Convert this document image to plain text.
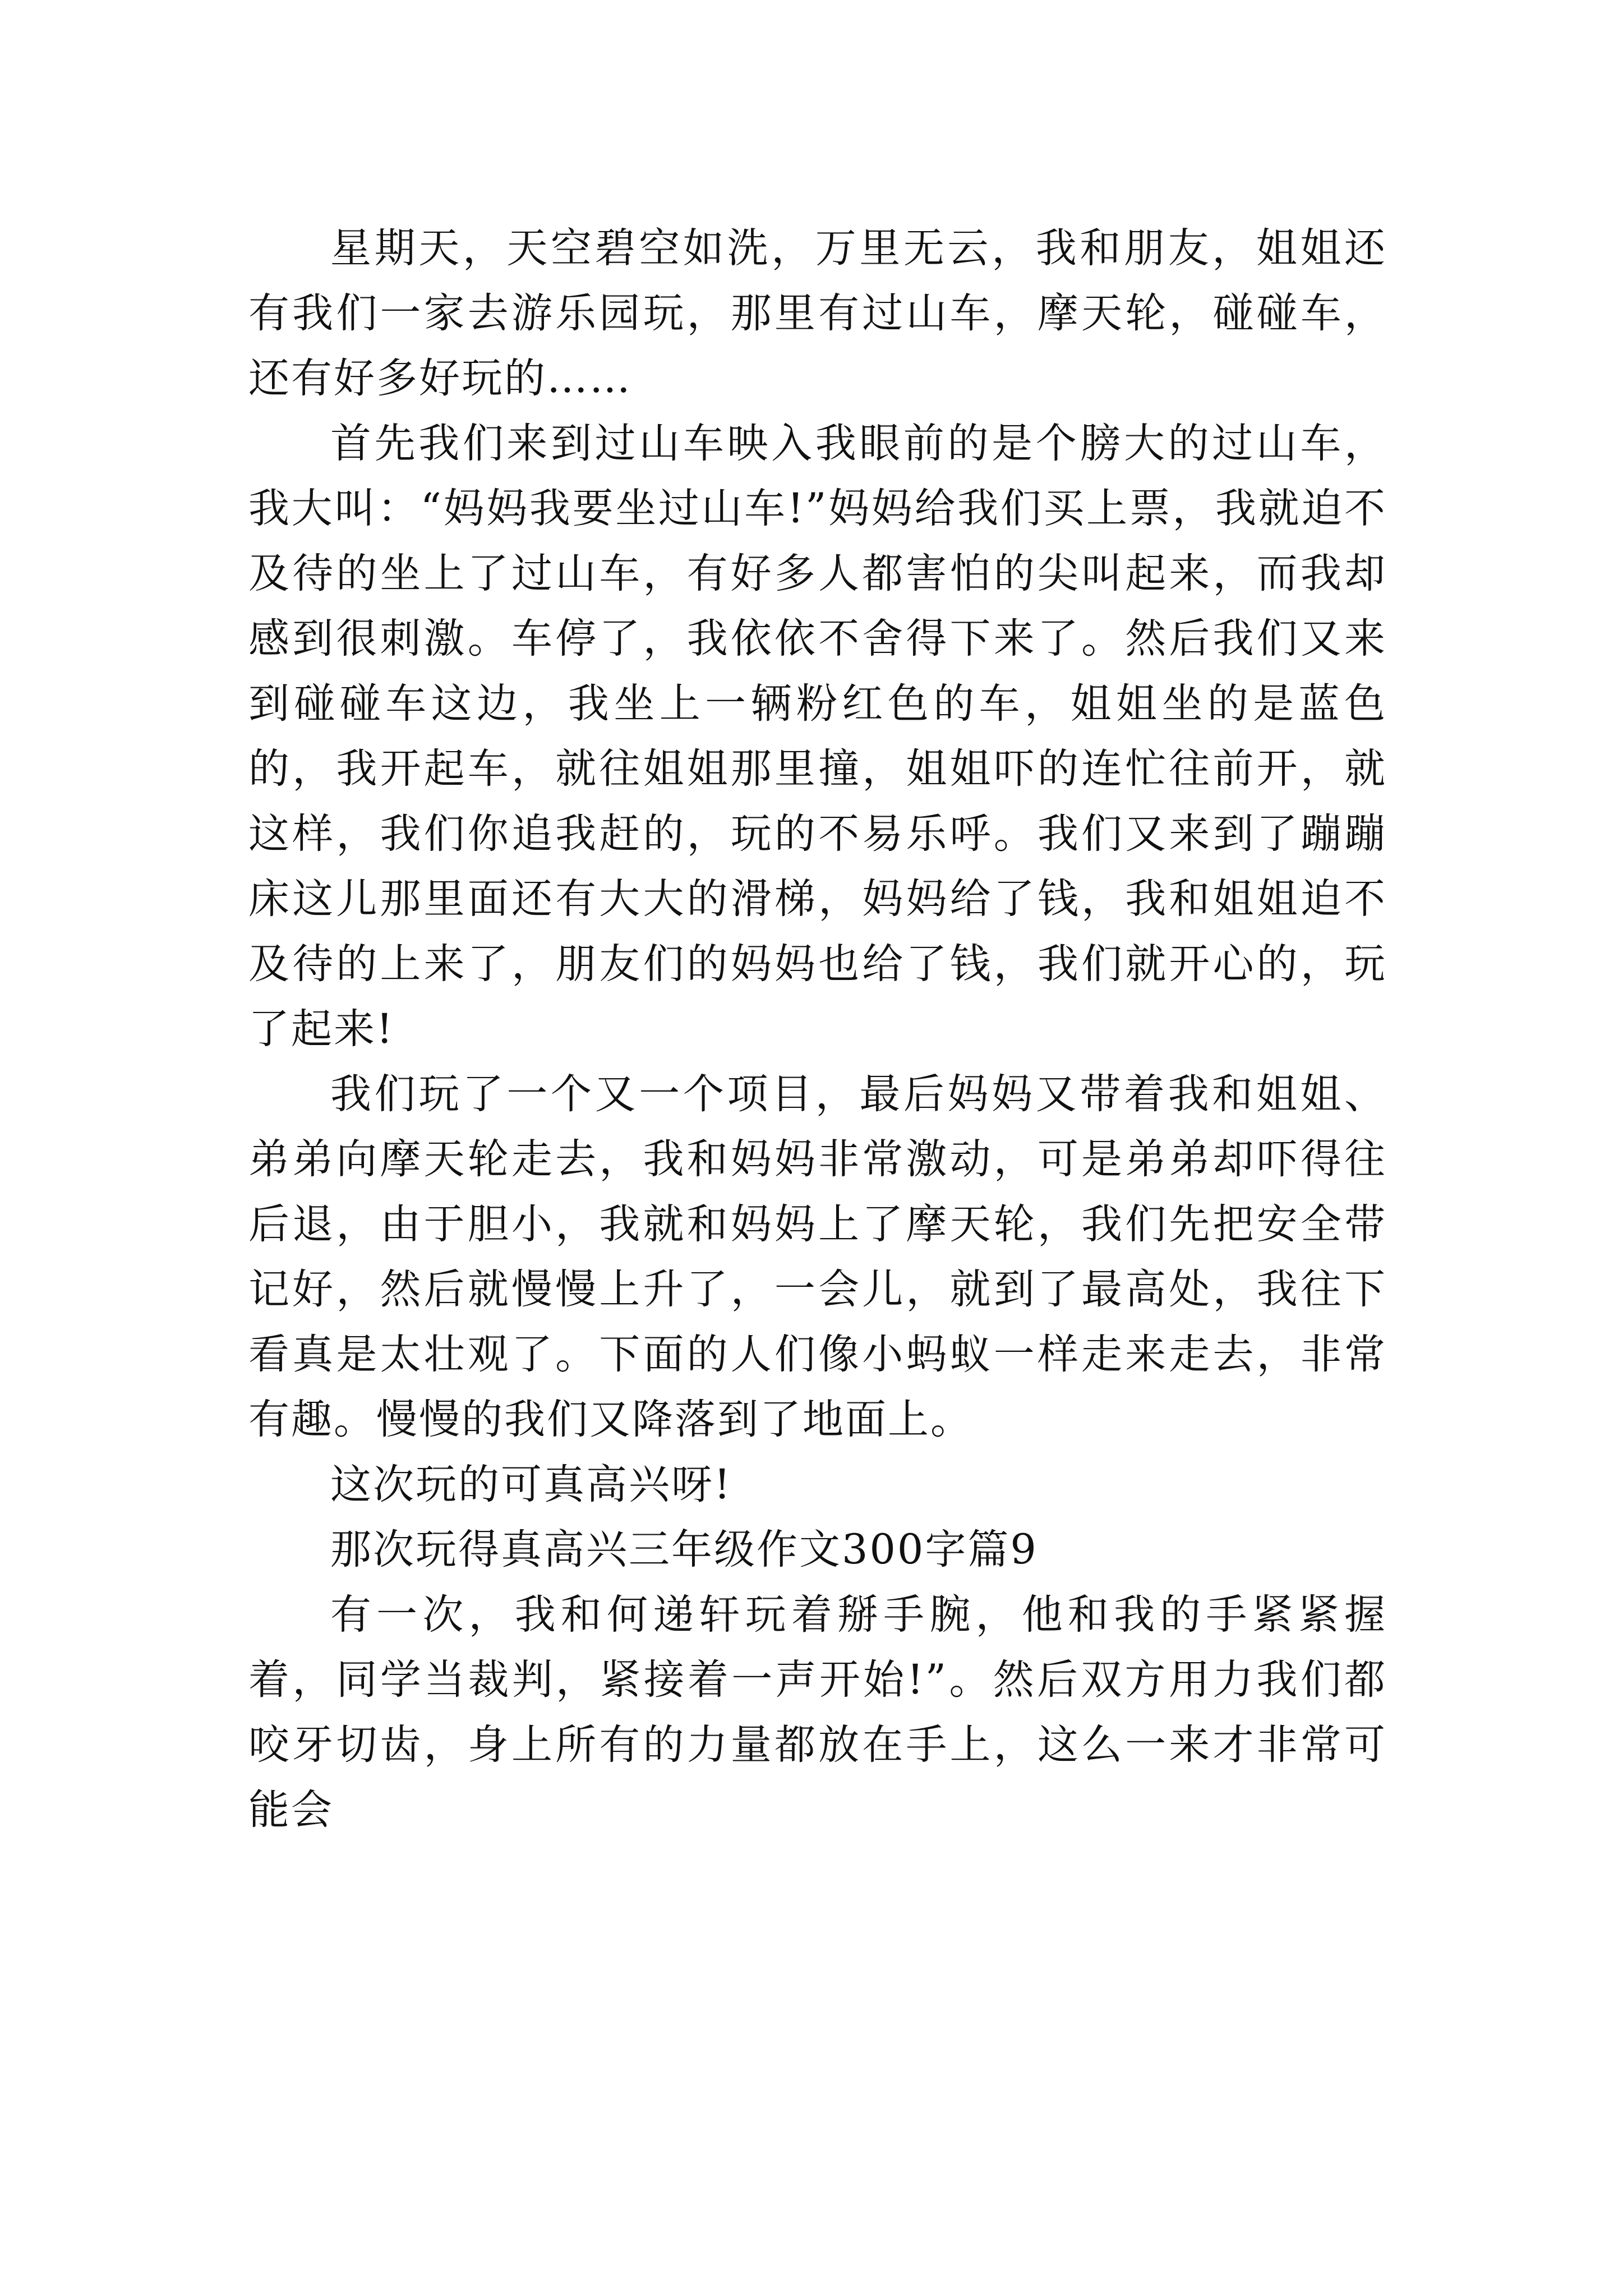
星期天，天空碧空如洗，万里无云，我和朋友，姐姐还有我们一家去游乐园玩，那里有过山车，摩天轮，碰碰车，还有好多好玩的……

首先我们来到过山车映入我眼前的是个膀大的过山车，我大叫：“妈妈我要坐过山车!”妈妈给我们买上票，我就迫不及待的坐上了过山车，有好多人都害怕的尖叫起来，而我却感到很刺激。车停了，我依依不舍得下来了。然后我们又来到碰碰车这边，我坐上一辆粉红色的车，姐姐坐的是蓝色的，我开起车，就往姐姐那里撞，姐姐吓的连忙往前开，就这样，我们你追我赶的，玩的不易乐呼。我们又来到了蹦蹦床这儿那里面还有大大的滑梯，妈妈给了钱，我和姐姐迫不及待的上来了，朋友们的妈妈也给了钱，我们就开心的，玩了起来!

我们玩了一个又一个项目，最后妈妈又带着我和姐姐、弟弟向摩天轮走去，我和妈妈非常激动，可是弟弟却吓得往后退，由于胆小，我就和妈妈上了摩天轮，我们先把安全带记好，然后就慢慢上升了，一会儿，就到了最高处，我往下看真是太壮观了。下面的人们像小蚂蚁一样走来走去，非常有趣。慢慢的我们又降落到了地面上。

这次玩的可真高兴呀!

那次玩得真高兴三年级作文300字篇9

有一次，我和何递轩玩着掰手腕，他和我的手紧紧握着，同学当裁判，紧接着一声开始!”。然后双方用力我们都咬牙切齿，身上所有的力量都放在手上，这么一来才非常可能会
